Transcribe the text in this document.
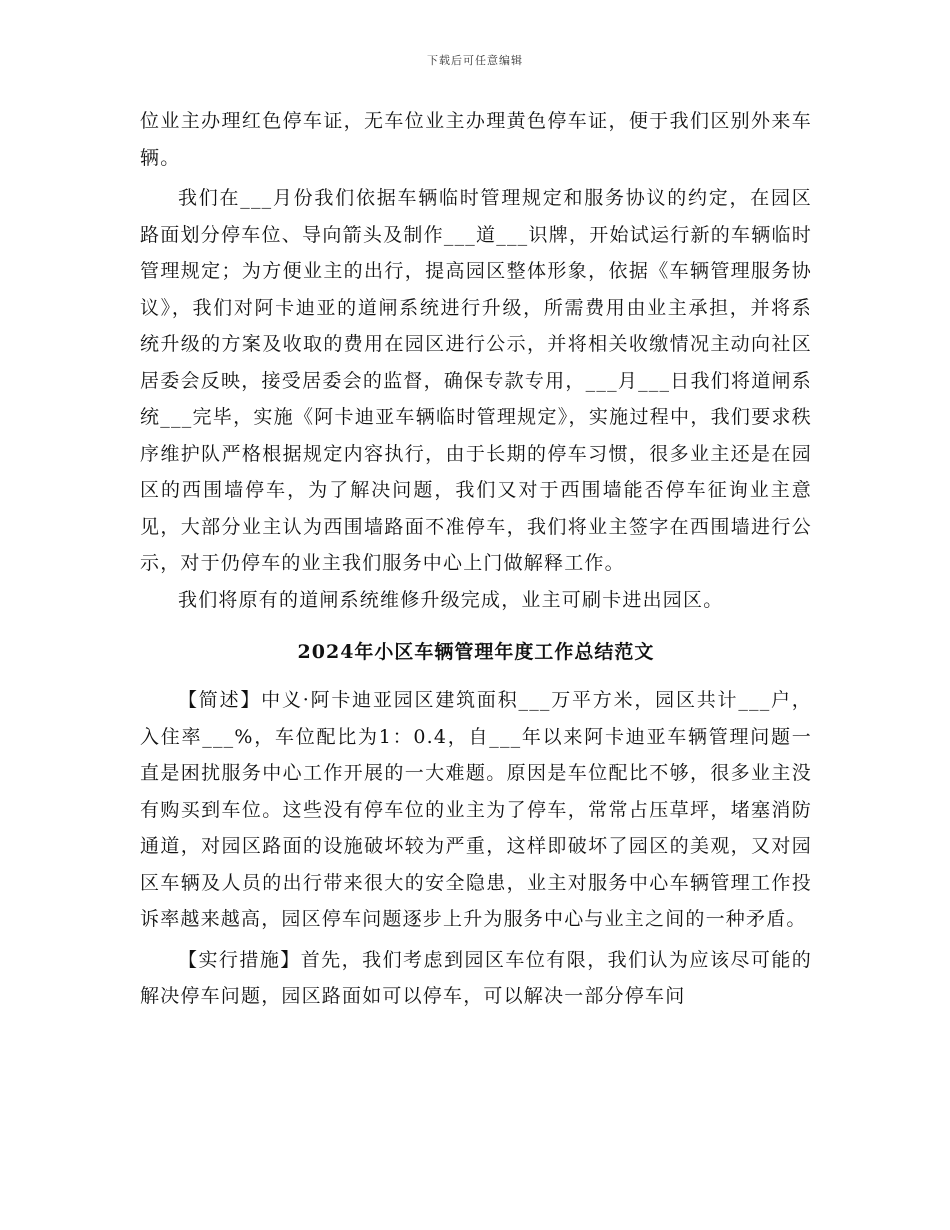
下载后可任意编辑

位业主办理红色停车证，无车位业主办理黄色停车证，便于我们区别外来车辆。

我们在___月份我们依据车辆临时管理规定和服务协议的约定，在园区路面划分停车位、导向箭头及制作___道___识牌，开始试运行新的车辆临时管理规定；为方便业主的出行，提高园区整体形象，依据《车辆管理服务协议》，我们对阿卡迪亚的道闸系统进行升级，所需费用由业主承担，并将系统升级的方案及收取的费用在园区进行公示，并将相关收缴情况主动向社区居委会反映，接受居委会的监督，确保专款专用，___月___日我们将道闸系统___完毕，实施《阿卡迪亚车辆临时管理规定》，实施过程中，我们要求秩序维护队严格根据规定内容执行，由于长期的停车习惯，很多业主还是在园区的西围墙停车，为了解决问题，我们又对于西围墙能否停车征询业主意见，大部分业主认为西围墙路面不准停车，我们将业主签字在西围墙进行公示，对于仍停车的业主我们服务中心上门做解释工作。

我们将原有的道闸系统维修升级完成，业主可刷卡进出园区。

2024年小区车辆管理年度工作总结范文

【简述】中义·阿卡迪亚园区建筑面积___万平方米，园区共计___户，入住率___%，车位配比为1：0.4，自___年以来阿卡迪亚车辆管理问题一直是困扰服务中心工作开展的一大难题。原因是车位配比不够，很多业主没有购买到车位。这些没有停车位的业主为了停车，常常占压草坪，堵塞消防通道，对园区路面的设施破坏较为严重，这样即破坏了园区的美观，又对园区车辆及人员的出行带来很大的安全隐患，业主对服务中心车辆管理工作投诉率越来越高，园区停车问题逐步上升为服务中心与业主之间的一种矛盾。

【实行措施】首先，我们考虑到园区车位有限，我们认为应该尽可能的解决停车问题，园区路面如可以停车，可以解决一部分停车问
